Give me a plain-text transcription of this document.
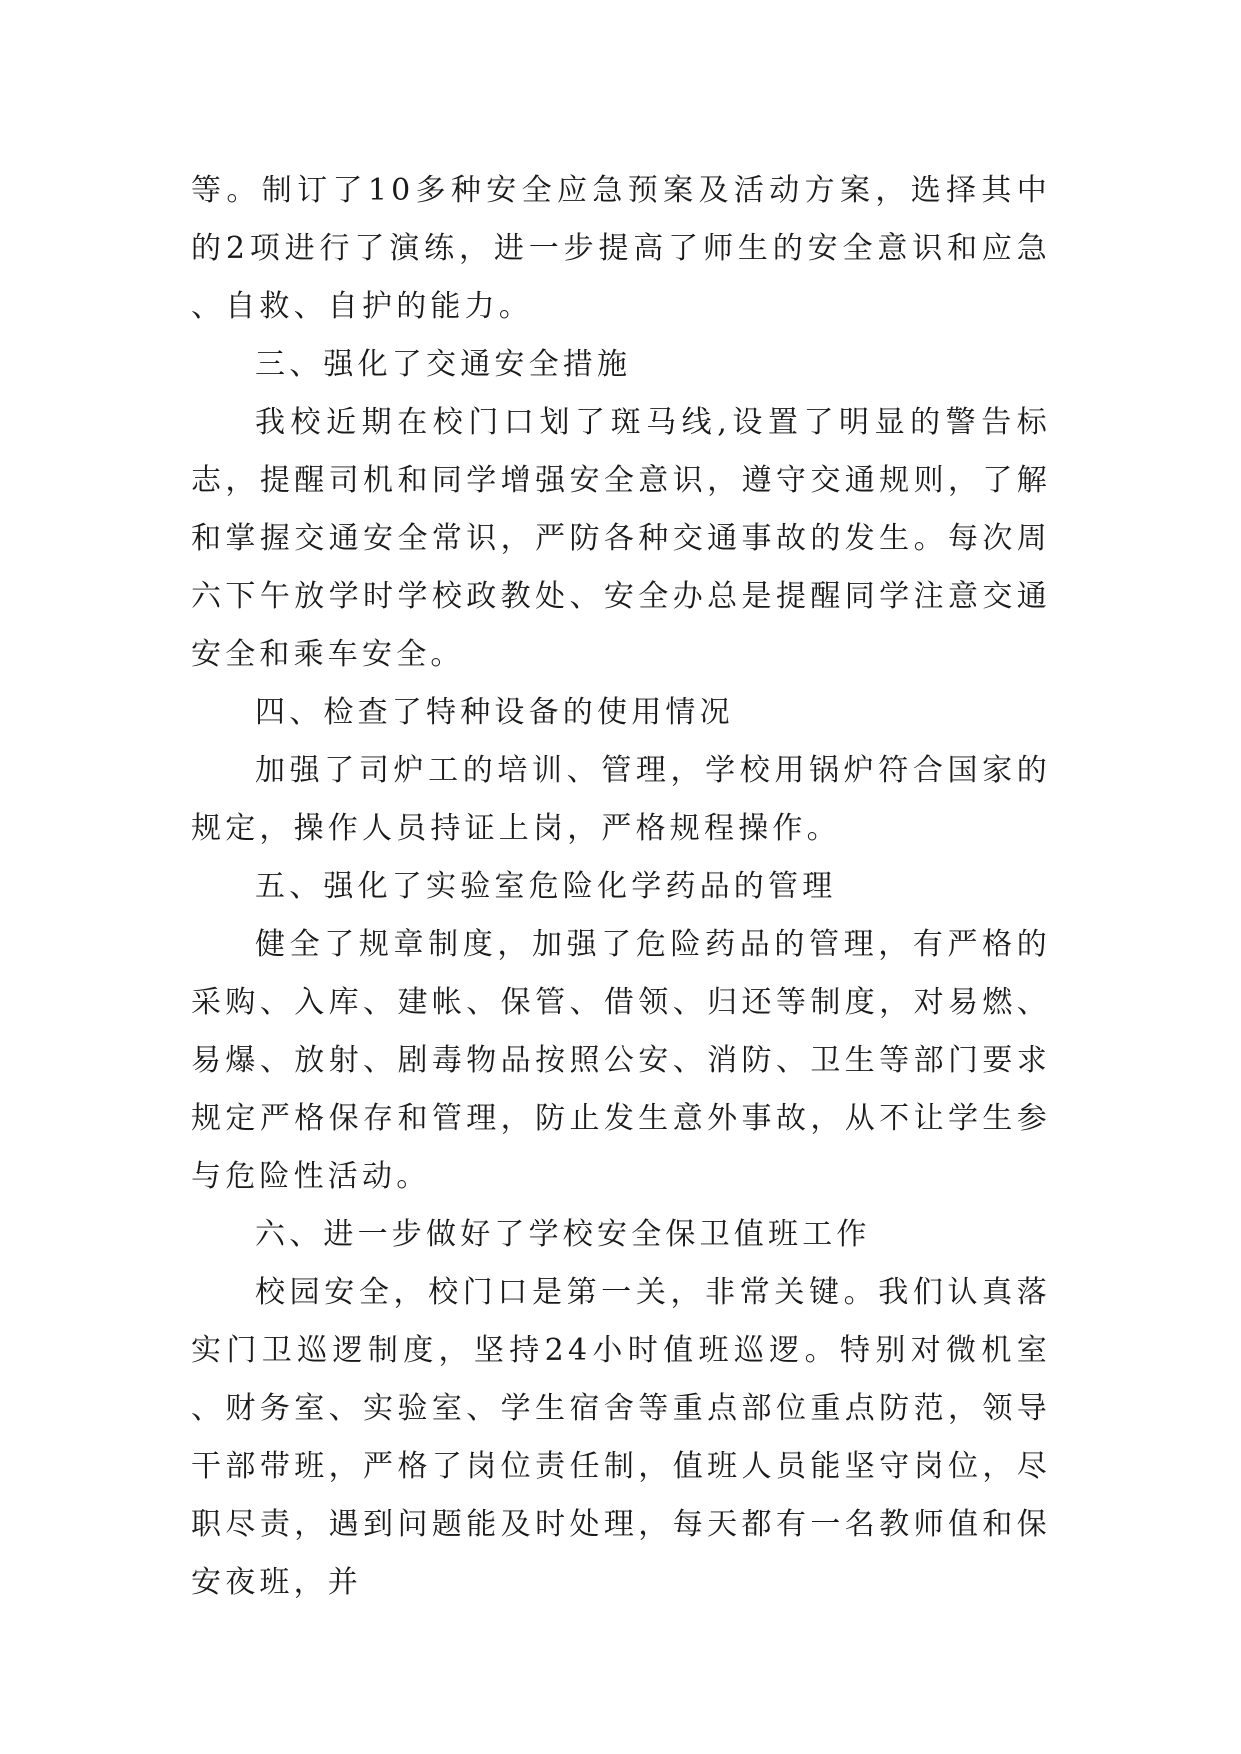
等。制订了10多种安全应急预案及活动方案，选择其中的2项进行了演练，进一步提高了师生的安全意识和应急、自救、自护的能力。

三、强化了交通安全措施

我校近期在校门口划了斑马线,设置了明显的警告标志，提醒司机和同学增强安全意识，遵守交通规则，了解和掌握交通安全常识，严防各种交通事故的发生。每次周六下午放学时学校政教处、安全办总是提醒同学注意交通安全和乘车安全。

四、检查了特种设备的使用情况

加强了司炉工的培训、管理，学校用锅炉符合国家的规定，操作人员持证上岗，严格规程操作。

五、强化了实验室危险化学药品的管理

健全了规章制度，加强了危险药品的管理，有严格的采购、入库、建帐、保管、借领、归还等制度，对易燃、易爆、放射、剧毒物品按照公安、消防、卫生等部门要求规定严格保存和管理，防止发生意外事故，从不让学生参与危险性活动。

六、进一步做好了学校安全保卫值班工作

校园安全，校门口是第一关，非常关键。我们认真落实门卫巡逻制度，坚持24小时值班巡逻。特别对微机室、财务室、实验室、学生宿舍等重点部位重点防范，领导干部带班，严格了岗位责任制，值班人员能坚守岗位，尽职尽责，遇到问题能及时处理，每天都有一名教师值和保安夜班，并
